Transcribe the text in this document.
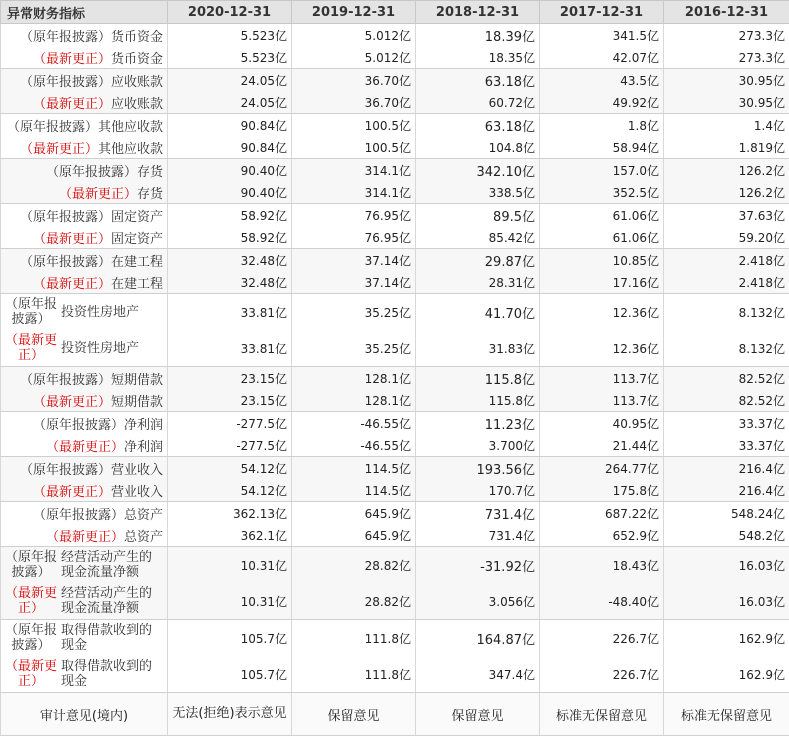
异常财务指标	2020-12-31	2019-12-31	2018-12-31	2017-12-31	2016-12-31
（原年报披露）货币资金	5.523亿	5.012亿	18.39亿	341.5亿	273.3亿
（最新更正）货币资金	5.523亿	5.012亿	18.35亿	42.07亿	273.3亿
（原年报披露）应收账款	24.05亿	36.70亿	63.18亿	43.5亿	30.95亿
（最新更正）应收账款	24.05亿	36.70亿	60.72亿	49.92亿	30.95亿
（原年报披露）其他应收款	90.84亿	100.5亿	63.18亿	1.8亿	1.4亿
（最新更正）其他应收款	90.84亿	100.5亿	104.8亿	58.94亿	1.819亿
（原年报披露）存货	90.40亿	314.1亿	342.10亿	157.0亿	126.2亿
（最新更正）存货	90.40亿	314.1亿	338.5亿	352.5亿	126.2亿
（原年报披露）固定资产	58.92亿	76.95亿	89.5亿	61.06亿	37.63亿
（最新更正）固定资产	58.92亿	76.95亿	85.42亿	61.06亿	59.20亿
（原年报披露）在建工程	32.48亿	37.14亿	29.87亿	10.85亿	2.418亿
（最新更正）在建工程	32.48亿	37.14亿	28.31亿	17.16亿	2.418亿

（原年报披露） 投资性房地产	33.81亿	35.25亿	41.70亿	12.36亿	8.132亿

（最新更正） 投资性房地产	33.81亿	35.25亿	31.83亿	12.36亿	8.132亿
（原年报披露）短期借款	23.15亿	128.1亿	115.8亿	113.7亿	82.52亿
（最新更正）短期借款	23.15亿	128.1亿	115.8亿	113.7亿	82.52亿
（原年报披露）净利润	-277.5亿	-46.55亿	11.23亿	40.95亿	33.37亿
（最新更正）净利润	-277.5亿	-46.55亿	3.700亿	21.44亿	33.37亿
（原年报披露）营业收入	54.12亿	114.5亿	193.56亿	264.77亿	216.4亿
（最新更正）营业收入	54.12亿	114.5亿	170.7亿	175.8亿	216.4亿
（原年报披露）总资产	362.13亿	645.9亿	731.4亿	687.22亿	548.24亿
（最新更正）总资产	362.1亿	645.9亿	731.4亿	652.9亿	548.2亿

（原年报披露）
经营活动产生的现金流量净额	10.31亿	28.82亿	-31.92亿	18.43亿	16.03亿

（最新更正）
经营活动产生的现金流量净额	10.31亿	28.82亿	3.056亿	-48.40亿	16.03亿

（原年报披露）
取得借款收到的现金	105.7亿	111.8亿	164.87亿	226.7亿	162.9亿

（最新更正）
取得借款收到的现金	105.7亿	111.8亿	347.4亿	226.7亿	162.9亿
审计意见(境内)	无法(拒绝)表示意见	保留意见	保留意见	标准无保留意见	标准无保留意见
